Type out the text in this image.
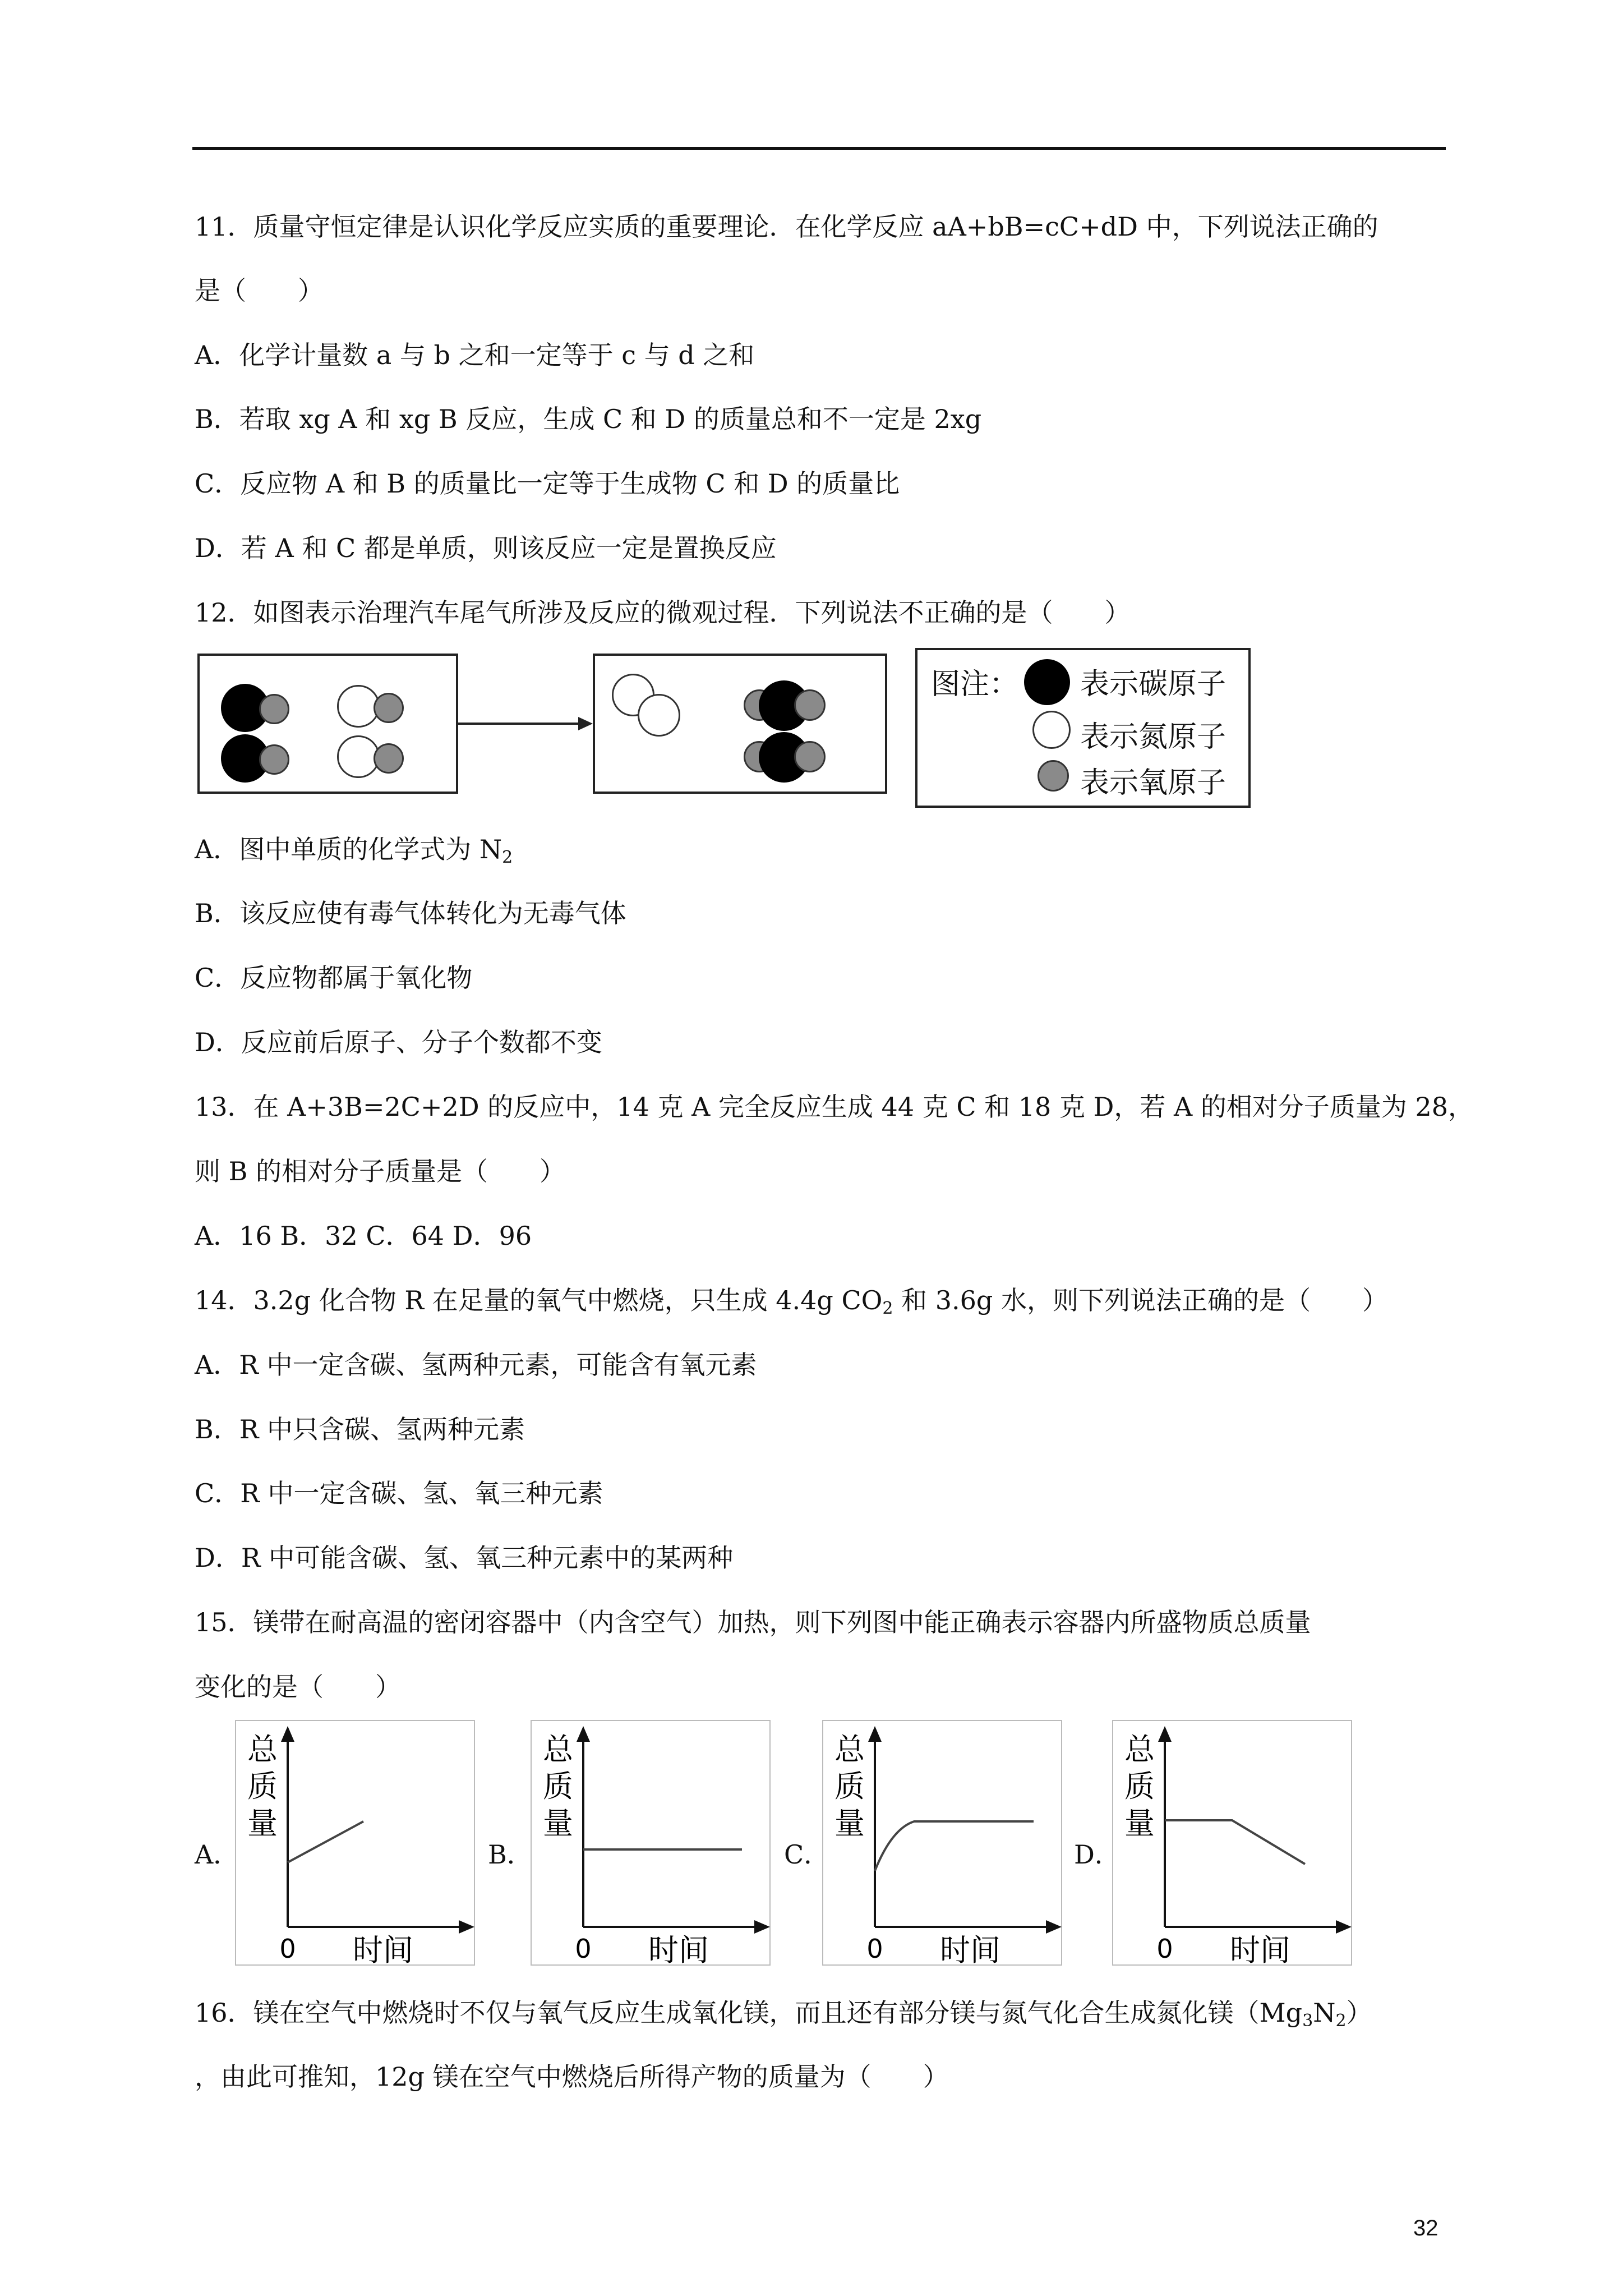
11．质量守恒定律是认识化学反应实质的重要理论．在化学反应 aA+bB=cC+dD 中，下列说法正确的
是（　　）
A．化学计量数 a 与 b 之和一定等于 c 与 d 之和
B．若取 xg A 和 xg B 反应，生成 C 和 D 的质量总和不一定是 2xg
C．反应物 A 和 B 的质量比一定等于生成物 C 和 D 的质量比
D．若 A 和 C 都是单质，则该反应一定是置换反应
12．如图表示治理汽车尾气所涉及反应的微观过程．下列说法不正确的是（　　）
图注： 表示碳原子
表示氮原子
表示氧原子
A．图中单质的化学式为 $N_2$
B．该反应使有毒气体转化为无毒气体
C．反应物都属于氧化物
D．反应前后原子、分子个数都不变
13．在 A+3B=2C+2D 的反应中，14 克 A 完全反应生成 44 克 C 和 18 克 D，若 A 的相对分子质量为 28，
则 B 的相对分子质量是（　　）
A．16 B．32 C．64 D．96
14．3.2g 化合物 R 在足量的氧气中燃烧，只生成 4.4g $CO_2$ 和 3.6g 水，则下列说法正确的是（　　）
A．R 中一定含碳、氢两种元素，可能含有氧元素
B．R 中只含碳、氢两种元素
C．R 中一定含碳、氢、氧三种元素
D．R 中可能含碳、氢、氧三种元素中的某两种
15．镁带在耐高温的密闭容器中（内含空气）加热，则下列图中能正确表示容器内所盛物质总质量
变化的是（　　）
A．	B．	C．	D．
总
质
量
0 时间
总
质
量
0 时间
总
质
量
0 时间
总
质
量
0 时间
16．镁在空气中燃烧时不仅与氧气反应生成氧化镁，而且还有部分镁与氮气化合生成氮化镁$(Mg_3N_2)$
，由此可推知，12g 镁在空气中燃烧后所得产物的质量为（　　）
32
